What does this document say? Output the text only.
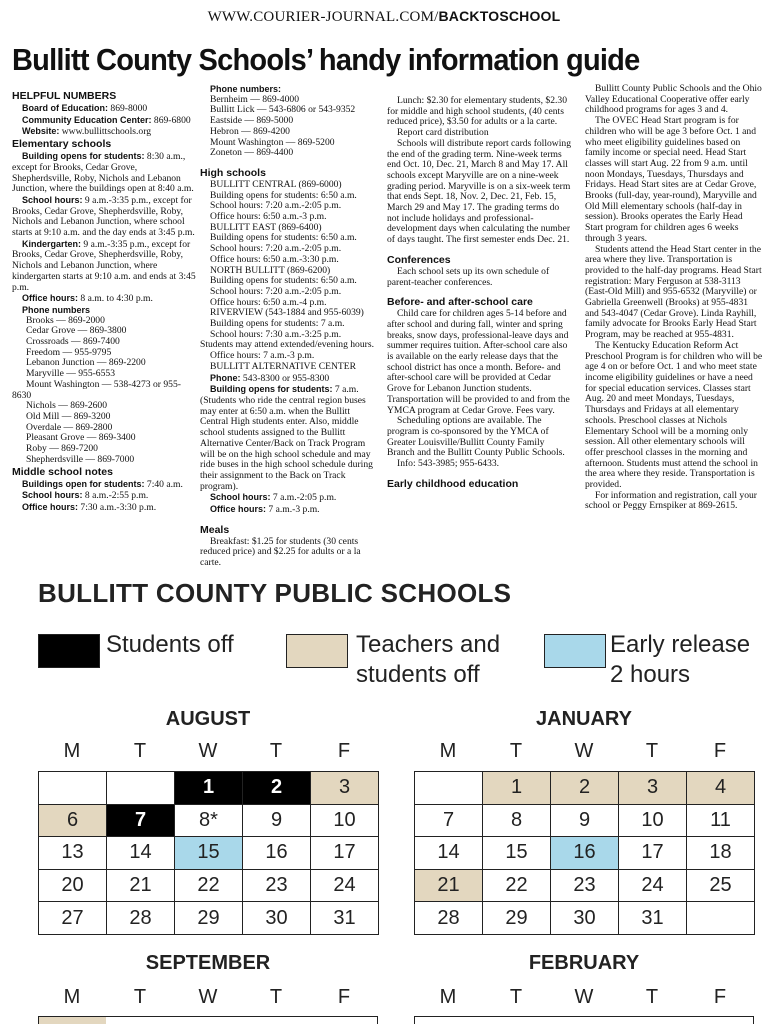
WWW.COURIER-JOURNAL.COM/BACKTOSCHOOL
Bullitt County Schools’ handy information guide

HELPFUL NUMBERS

Board of Education: 869-8000

Community Education Center: 869-6800

Website: www.bullittschools.org

Elementary schools

Building opens for students: 8:30 a.m., except for Brooks, Cedar Grove, Shepherdsville, Roby, Nichols and Lebanon Junction, where the buildings open at 8:40 a.m.

School hours: 9 a.m.-3:35 p.m., except for Brooks, Cedar Grove, Shepherdsville, Roby, Nichols and Lebanon Junction, where school starts at 9:10 a.m. and the day ends at 3:45 p.m.

Kindergarten: 9 a.m.-3:35 p.m., except for Brooks, Cedar Grove, Shepherdsville, Roby, Nichols and Lebanon Junction, where kindergarten starts at 9:10 a.m. and ends at 3:45 p.m.

Office hours: 8 a.m. to 4:30 p.m.

Phone numbers

Brooks — 869-2000

Cedar Grove — 869-3800

Crossroads — 869-7400

Freedom — 955-9795

Lebanon Junction — 869-2200

Maryville — 955-6553

Mount Washington — 538-4273 or 955-8630

Nichols — 869-2600

Old Mill — 869-3200

Overdale — 869-2800

Pleasant Grove — 869-3400

Roby — 869-7200

Shepherdsville — 869-7000

Middle school notes

Buildings open for students: 7:40 a.m.

School hours: 8 a.m.-2:55 p.m.

Office hours: 7:30 a.m.-3:30 p.m.

Phone numbers:

Bernheim — 869-4000

Bullitt Lick — 543-6806 or 543-9352

Eastside — 869-5000

Hebron — 869-4200

Mount Washington — 869-5200

Zoneton — 869-4400

High schools

BULLITT CENTRAL (869-6000)

Building opens for students: 6:50 a.m.

School hours: 7:20 a.m.-2:05 p.m.

Office hours: 6:50 a.m.-3 p.m.

BULLITT EAST (869-6400)

Building opens for students: 6:50 a.m.

School hours: 7:20 a.m.-2:05 p.m.

Office hours: 6:50 a.m.-3:30 p.m.

NORTH BULLITT (869-6200)

Building opens for students: 6:50 a.m.

School hours: 7:20 a.m.-2:05 p.m.

Office hours: 6:50 a.m.-4 p.m.

RIVERVIEW (543-1884 and 955-6039)

Building opens for students: 7 a.m.

School hours: 7:30 a.m.-3:25 p.m. Students may attend extended/evening hours.

Office hours: 7 a.m.-3 p.m.

BULLITT ALTERNATIVE CENTER

Phone: 543-8300 or 955-8300

Building opens for students: 7 a.m. (Students who ride the central region buses may enter at 6:50 a.m. when the Bullitt Central High students enter. Also, middle school students assigned to the Bullitt Alternative Center/Back on Track Program will be on the high school schedule and may ride buses in the high school schedule during their assignment to the Back on Track program).

School hours: 7 a.m.-2:05 p.m.

Office hours: 7 a.m.-3 p.m.

Meals

Breakfast: $1.25 for students (30 cents reduced price) and $2.25 for adults or a la carte.

Lunch: $2.30 for elementary students, $2.30 for middle and high school students, (40 cents reduced price), $3.50 for adults or a la carte.

Report card distribution

Schools will distribute report cards following the end of the grading term. Nine-week terms end Oct. 10, Dec. 21, March 8 and May 17. All schools except Maryville are on a nine-week grading period. Maryville is on a six-week term that ends Sept. 18, Nov. 2, Dec. 21, Feb. 15, March 29 and May 17. The grading terms do not include holidays and professional-development days when calculating the number of days taught. The first semester ends Dec. 21.

Conferences

Each school sets up its own schedule of parent-teacher conferences.

Before- and after-school care

Child care for children ages 5-14 before and after school and during fall, winter and spring breaks, snow days, professional-leave days and summer requires tuition. After-school care also is available on the early release days that the school district has once a month. Before- and after-school care will be provided at Cedar Grove for Lebanon Junction students. Transportation will be provided to and from the YMCA program at Cedar Grove. Fees vary.

Scheduling options are available. The program is co-sponsored by the YMCA of Greater Louisville/Bullitt County Family Branch and the Bullitt County Public Schools.

Info: 543-3985; 955-6433.

Early childhood education

Bullitt County Public Schools and the Ohio Valley Educational Cooperative offer early childhood programs for ages 3 and 4.

The OVEC Head Start program is for children who will be age 3 before Oct. 1 and who meet eligibility guidelines based on family income or special need. Head Start classes will start Aug. 22 from 9 a.m. until noon Mondays, Tuesdays, Thursdays and Fridays. Head Start sites are at Cedar Grove, Brooks (full-day, year-round), Maryville and Old Mill elementary schools (half-day in session). Brooks operates the Early Head Start program for children ages 6 weeks through 3 years.

Students attend the Head Start center in the area where they live. Transportation is provided to the half-day programs. Head Start registration: Mary Ferguson at 538-3113 (East-Old Mill) and 955-6532 (Maryville) or Gabriella Greenwell (Brooks) at 955-4831 and 543-4047 (Cedar Grove). Linda Rayhill, family advocate for Brooks Early Head Start Program, may be reached at 955-4831.

The Kentucky Education Reform Act Preschool Program is for children who will be age 4 on or before Oct. 1 and who meet state income eligibility guidelines or have a need for special education services. Classes start Aug. 20 and meet Mondays, Tuesdays, Thursdays and Fridays at all elementary schools. Preschool classes at Nichols Elementary School will be a morning only session. All other elementary schools will offer preschool classes in the morning and afternoon. Students must attend the school in the area where they reside. Transportation is provided.

For information and registration, call your school or Peggy Ernspiker at 869-2615.

BULLITT COUNTY PUBLIC SCHOOLS
Students off	Teachers and
students off
Early release
2 hours
AUGUST
M	T	W	T	F
		1	2	3
6	7	8*	9	10
13	14	15	16	17
20	21	22	23	24
27	28	29	30	31
JANUARY
M	T	W	T	F
	1	2	3	4
7	8	9	10	11
14	15	16	17	18
21	22	23	24	25
28	29	30	31	
SEPTEMBER
M	T	W	T	F
FEBRUARY
M	T	W	T	F
